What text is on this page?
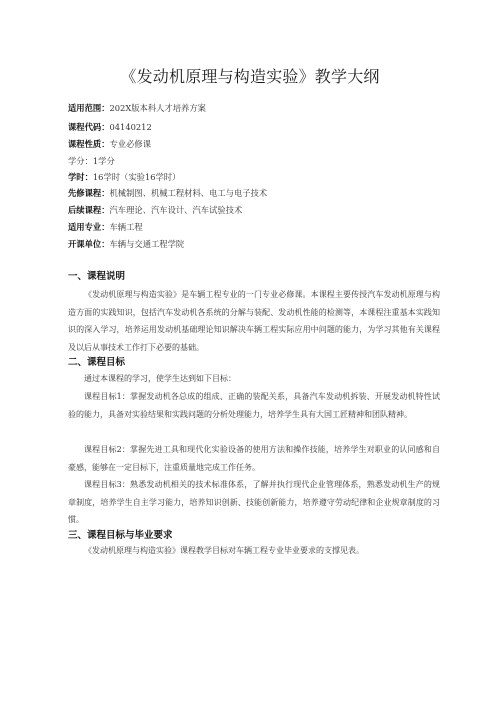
《发动机原理与构造实验》教学大纲
适用范围：202X版本科人才培养方案
课程代码：04140212
课程性质：专业必修课
学分：1学分
学时：16学时（实验16学时）
先修课程：机械制图、机械工程材料、电工与电子技术
后续课程：汽车理论、汽车设计、汽车试验技术
适用专业：车辆工程
开课单位：车辆与交通工程学院
一、课程说明
《发动机原理与构造实验》是车辆工程专业的一门专业必修课。本课程主要传授汽车发动机原理与构造方面的实践知识，包括汽车发动机各系统的分解与装配、发动机性能的检测等，本课程注重基本实践知识的深入学习，培养运用发动机基础理论知识解决车辆工程实际应用中问题的能力，为学习其他有关课程及以后从事技术工作打下必要的基础。
二、课程目标
通过本课程的学习，使学生达到如下目标：
课程目标1：掌握发动机各总成的组成、正确的装配关系，具备汽车发动机拆装、开展发动机特性试验的能力，具备对实验结果和实践问题的分析处理能力，培养学生具有大国工匠精神和团队精神。
课程目标2：掌握先进工具和现代化实验设备的使用方法和操作技能，培养学生对职业的认同感和自豪感，能够在一定目标下，注重质量地完成工作任务。
课程目标3：熟悉发动机相关的技术标准体系，了解并执行现代企业管理体系，熟悉发动机生产的规章制度，培养学生自主学习能力，培养知识创新、技能创新能力，培养遵守劳动纪律和企业规章制度的习惯。
三、课程目标与毕业要求
《发动机原理与构造实验》课程教学目标对车辆工程专业毕业要求的支撑见表。
